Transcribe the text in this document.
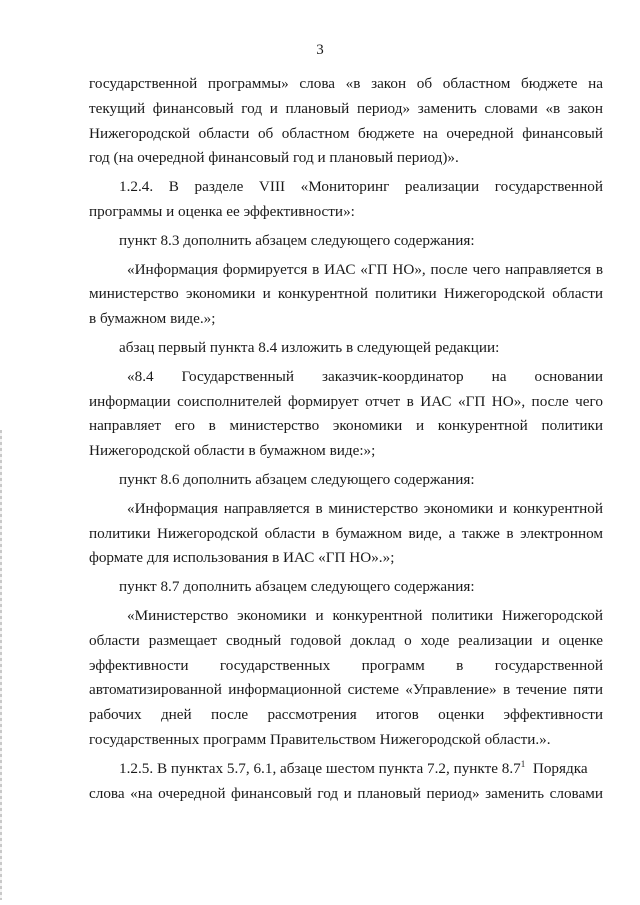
3
государственной программы» слова «в закон об областном бюджете на
текущий финансовый год и плановый период» заменить словами «в закон
Нижегородской области об областном бюджете на очередной финансовый
год (на очередной финансовый год и плановый период)».
1.2.4. В разделе VIII «Мониторинг реализации государственной
программы и оценка ее эффективности»:
пункт 8.3 дополнить абзацем следующего содержания:
«Информация формируется в ИАС «ГП НО», после чего направляется в
министерство экономики и конкурентной политики Нижегородской области
в бумажном виде.»;
абзац первый пункта 8.4 изложить в следующей редакции:
«8.4 Государственный заказчик-координатор на основании
информации соисполнителей формирует отчет в ИАС «ГП НО», после чего
направляет его в министерство экономики и конкурентной политики
Нижегородской области в бумажном виде:»;
пункт 8.6 дополнить абзацем следующего содержания:
«Информация направляется в министерство экономики и конкурентной
политики Нижегородской области в бумажном виде, а также в электронном
формате для использования в ИАС «ГП НО».»;
пункт 8.7 дополнить абзацем следующего содержания:
«Министерство экономики и конкурентной политики Нижегородской
области размещает сводный годовой доклад о ходе реализации и оценке
эффективности государственных программ в государственной
автоматизированной информационной системе «Управление» в течение пяти
рабочих дней после рассмотрения итогов оценки эффективности
государственных программ Правительством Нижегородской области.».
1.2.5. В пунктах 5.7, 6.1, абзаце шестом пункта 7.2, пункте $8.7^1$ Порядка
слова «на очередной финансовый год и плановый период» заменить словами
